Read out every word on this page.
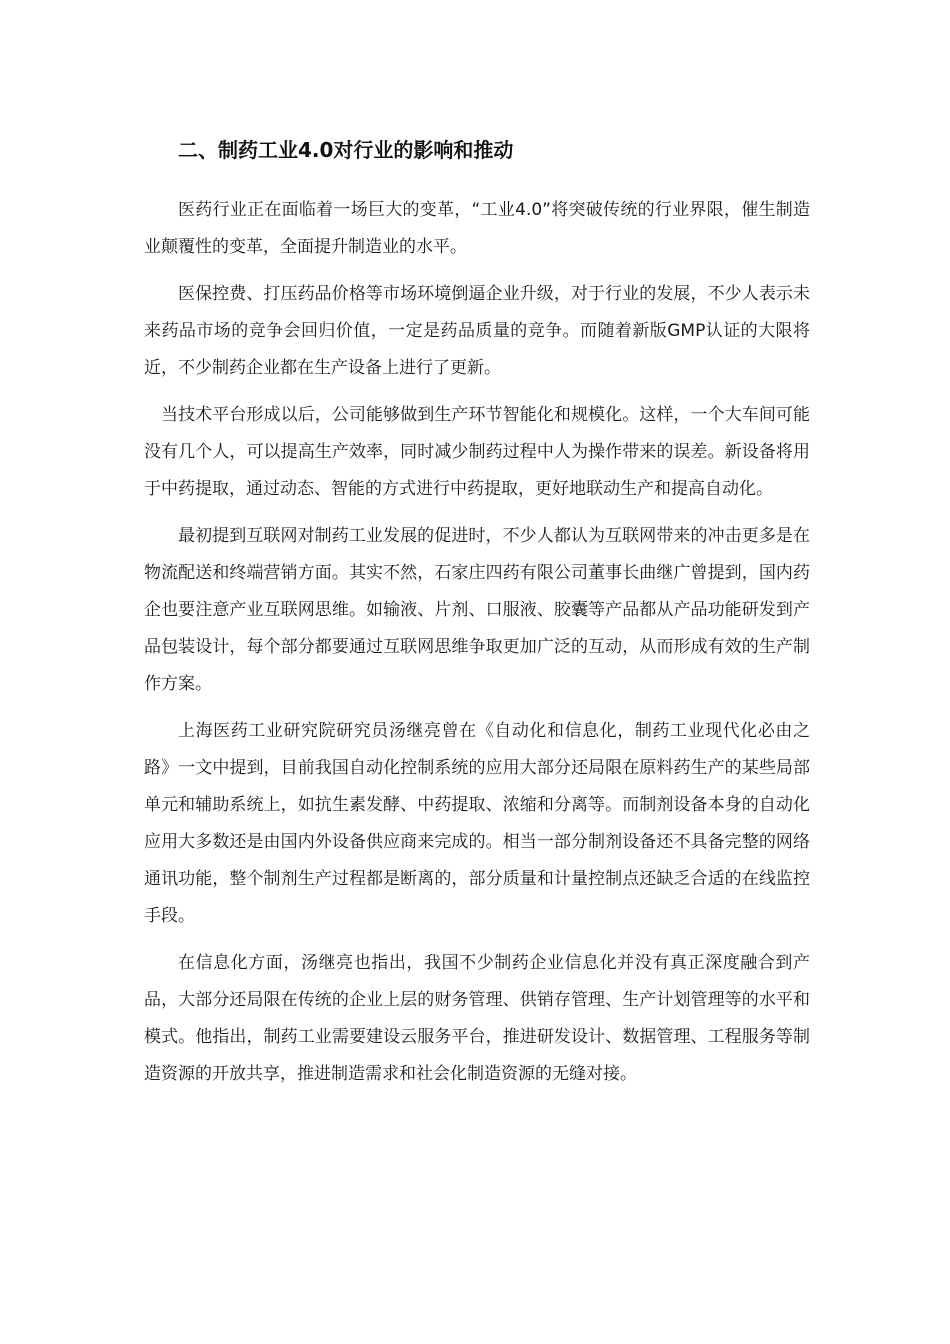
二、制药工业4.0对行业的影响和推动

医药行业正在面临着一场巨大的变革，“工业4.0”将突破传统的行业界限，催生制造业颠覆性的变革，全面提升制造业的水平。

医保控费、打压药品价格等市场环境倒逼企业升级，对于行业的发展，不少人表示未来药品市场的竞争会回归价值，一定是药品质量的竞争。而随着新版GMP认证的大限将近，不少制药企业都在生产设备上进行了更新。

当技术平台形成以后，公司能够做到生产环节智能化和规模化。这样，一个大车间可能没有几个人，可以提高生产效率，同时减少制药过程中人为操作带来的误差。新设备将用于中药提取，通过动态、智能的方式进行中药提取，更好地联动生产和提高自动化。

最初提到互联网对制药工业发展的促进时，不少人都认为互联网带来的冲击更多是在物流配送和终端营销方面。其实不然，石家庄四药有限公司董事长曲继广曾提到，国内药企也要注意产业互联网思维。如输液、片剂、口服液、胶囊等产品都从产品功能研发到产品包装设计，每个部分都要通过互联网思维争取更加广泛的互动，从而形成有效的生产制作方案。

上海医药工业研究院研究员汤继亮曾在《自动化和信息化，制药工业现代化必由之路》一文中提到，目前我国自动化控制系统的应用大部分还局限在原料药生产的某些局部单元和辅助系统上，如抗生素发酵、中药提取、浓缩和分离等。而制剂设备本身的自动化应用大多数还是由国内外设备供应商来完成的。相当一部分制剂设备还不具备完整的网络通讯功能，整个制剂生产过程都是断离的，部分质量和计量控制点还缺乏合适的在线监控手段。

在信息化方面，汤继亮也指出，我国不少制药企业信息化并没有真正深度融合到产品，大部分还局限在传统的企业上层的财务管理、供销存管理、生产计划管理等的水平和模式。他指出，制药工业需要建设云服务平台，推进研发设计、数据管理、工程服务等制造资源的开放共享，推进制造需求和社会化制造资源的无缝对接。
